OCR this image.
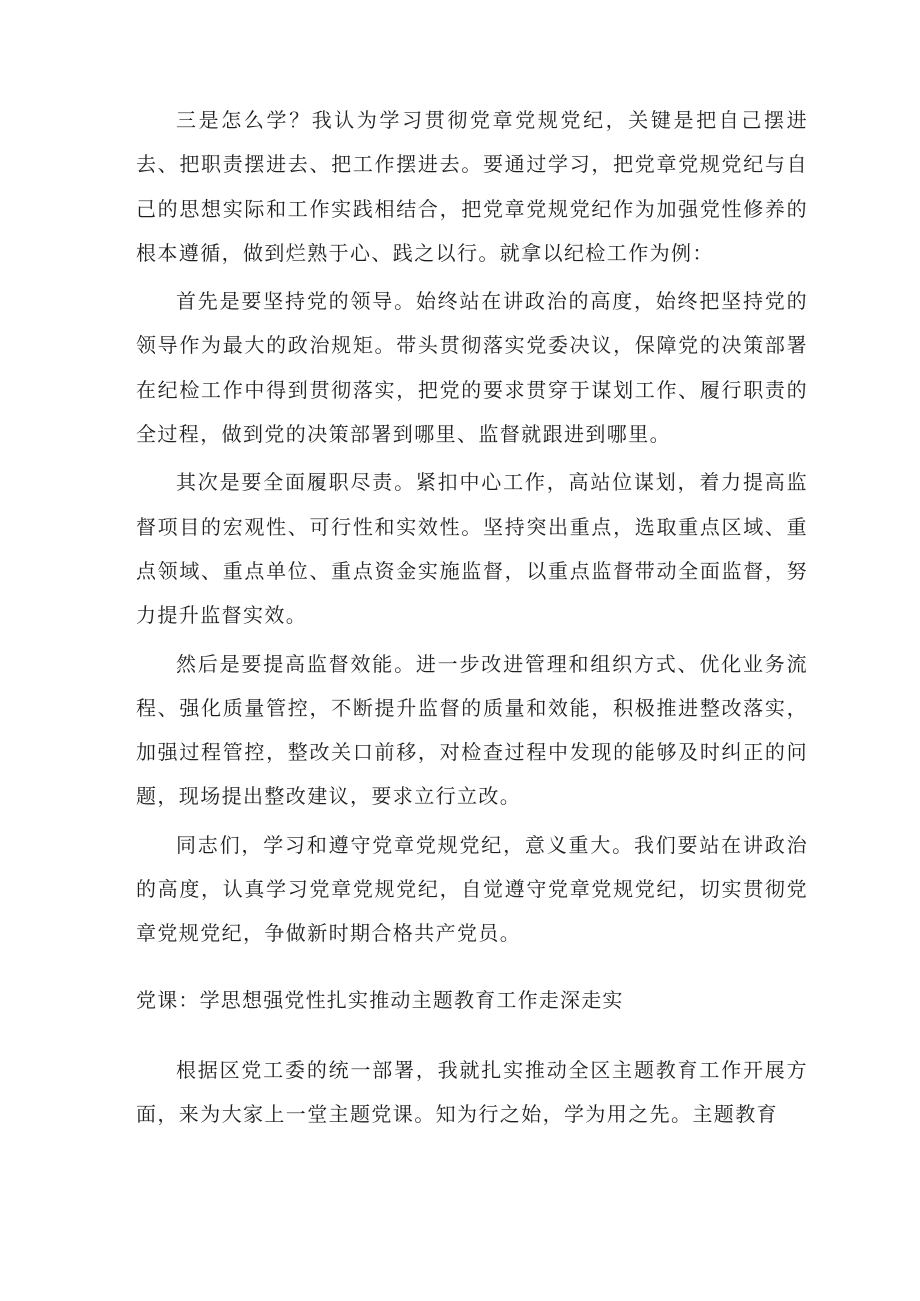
三是怎么学？我认为学习贯彻党章党规党纪，关键是把自己摆进去、把职责摆进去、把工作摆进去。要通过学习，把党章党规党纪与自己的思想实际和工作实践相结合，把党章党规党纪作为加强党性修养的根本遵循，做到烂熟于心、践之以行。就拿以纪检工作为例：

首先是要坚持党的领导。始终站在讲政治的高度，始终把坚持党的领导作为最大的政治规矩。带头贯彻落实党委决议，保障党的决策部署在纪检工作中得到贯彻落实，把党的要求贯穿于谋划工作、履行职责的全过程，做到党的决策部署到哪里、监督就跟进到哪里。

其次是要全面履职尽责。紧扣中心工作，高站位谋划，着力提高监督项目的宏观性、可行性和实效性。坚持突出重点，选取重点区域、重点领域、重点单位、重点资金实施监督，以重点监督带动全面监督，努力提升监督实效。

然后是要提高监督效能。进一步改进管理和组织方式、优化业务流程、强化质量管控，不断提升监督的质量和效能，积极推进整改落实，加强过程管控，整改关口前移，对检查过程中发现的能够及时纠正的问题，现场提出整改建议，要求立行立改。

同志们，学习和遵守党章党规党纪，意义重大。我们要站在讲政治的高度，认真学习党章党规党纪，自觉遵守党章党规党纪，切实贯彻党章党规党纪，争做新时期合格共产党员。

党课：学思想强党性扎实推动主题教育工作走深走实

根据区党工委的统一部署，我就扎实推动全区主题教育工作开展方面，来为大家上一堂主题党课。知为行之始，学为用之先。主题教育
